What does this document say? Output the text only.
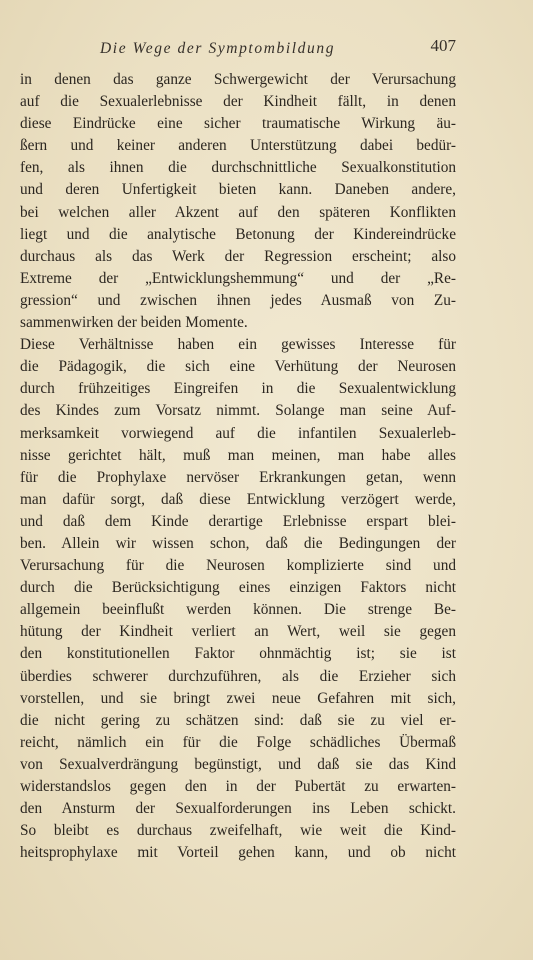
Die Wege der Symptombildung	407
in denen das ganze Schwergewicht der Verursachung
auf die Sexualerlebnisse der Kindheit fällt, in denen
diese Eindrücke eine sicher traumatische Wirkung äu-
ßern und keiner anderen Unterstützung dabei bedür-
fen, als ihnen die durchschnittliche Sexualkonstitution
und deren Unfertigkeit bieten kann. Daneben andere,
bei welchen aller Akzent auf den späteren Konflikten
liegt und die analytische Betonung der Kindereindrücke
durchaus als das Werk der Regression erscheint; also
Extreme der „Entwicklungshemmung“ und der „Re-
gression“ und zwischen ihnen jedes Ausmaß von Zu-
sammenwirken der beiden Momente.
Diese Verhältnisse haben ein gewisses Interesse für
die Pädagogik, die sich eine Verhütung der Neurosen
durch frühzeitiges Eingreifen in die Sexualentwicklung
des Kindes zum Vorsatz nimmt. Solange man seine Auf-
merksamkeit vorwiegend auf die infantilen Sexualerleb-
nisse gerichtet hält, muß man meinen, man habe alles
für die Prophylaxe nervöser Erkrankungen getan, wenn
man dafür sorgt, daß diese Entwicklung verzögert werde,
und daß dem Kinde derartige Erlebnisse erspart blei-
ben. Allein wir wissen schon, daß die Bedingungen der
Verursachung für die Neurosen komplizierte sind und
durch die Berücksichtigung eines einzigen Faktors nicht
allgemein beeinflußt werden können. Die strenge Be-
hütung der Kindheit verliert an Wert, weil sie gegen
den konstitutionellen Faktor ohnmächtig ist; sie ist
überdies schwerer durchzuführen, als die Erzieher sich
vorstellen, und sie bringt zwei neue Gefahren mit sich,
die nicht gering zu schätzen sind: daß sie zu viel er-
reicht, nämlich ein für die Folge schädliches Übermaß
von Sexualverdrängung begünstigt, und daß sie das Kind
widerstandslos gegen den in der Pubertät zu erwarten-
den Ansturm der Sexualforderungen ins Leben schickt.
So bleibt es durchaus zweifelhaft, wie weit die Kind-
heitsprophylaxe mit Vorteil gehen kann, und ob nicht
